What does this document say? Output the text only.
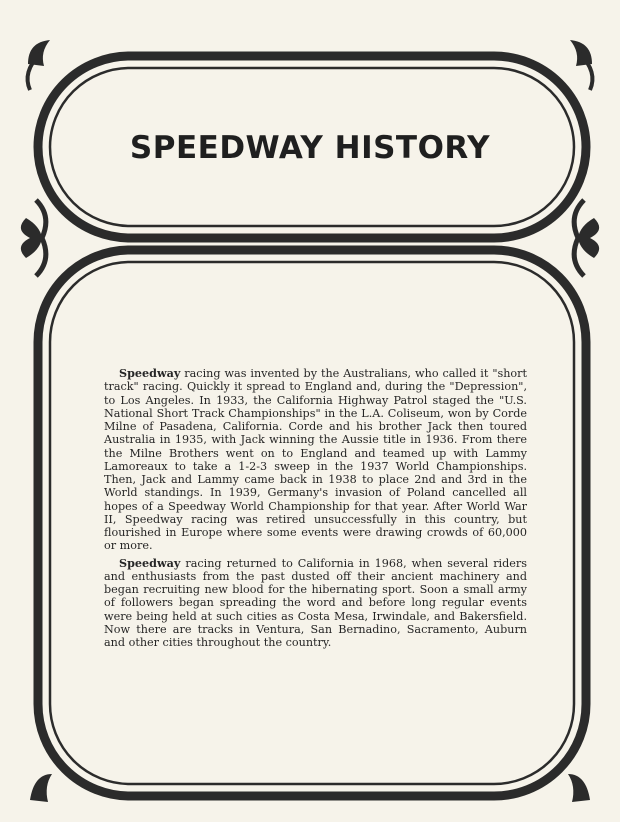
SPEEDWAY HISTORY

Speedway racing was invented by the Australians, who called it "short track" racing. Quickly it spread to England and, during the "Depression", to Los Angeles. In 1933, the California Highway Patrol staged the "U.S. National Short Track Championships" in the L.A. Coliseum, won by Corde Milne of Pasadena, California. Corde and his brother Jack then toured Australia in 1935, with Jack winning the Aussie title in 1936. From there the Milne Brothers went on to England and teamed up with Lammy Lamoreaux to take a 1-2-3 sweep in the 1937 World Championships. Then, Jack and Lammy came back in 1938 to place 2nd and 3rd in the World standings. In 1939, Germany's invasion of Poland cancelled all hopes of a Speedway World Championship for that year. After World War II, Speedway racing was retired unsuccessfully in this country, but flourished in Europe where some events were drawing crowds of 60,000 or more.

Speedway racing returned to California in 1968, when several riders and enthusiasts from the past dusted off their ancient machinery and began recruiting new blood for the hibernating sport. Soon a small army of followers began spreading the word and before long regular events were being held at such cities as Costa Mesa, Irwindale, and Bakersfield. Now there are tracks in Ventura, San Bernadino, Sacramento, Auburn and other cities throughout the country.
